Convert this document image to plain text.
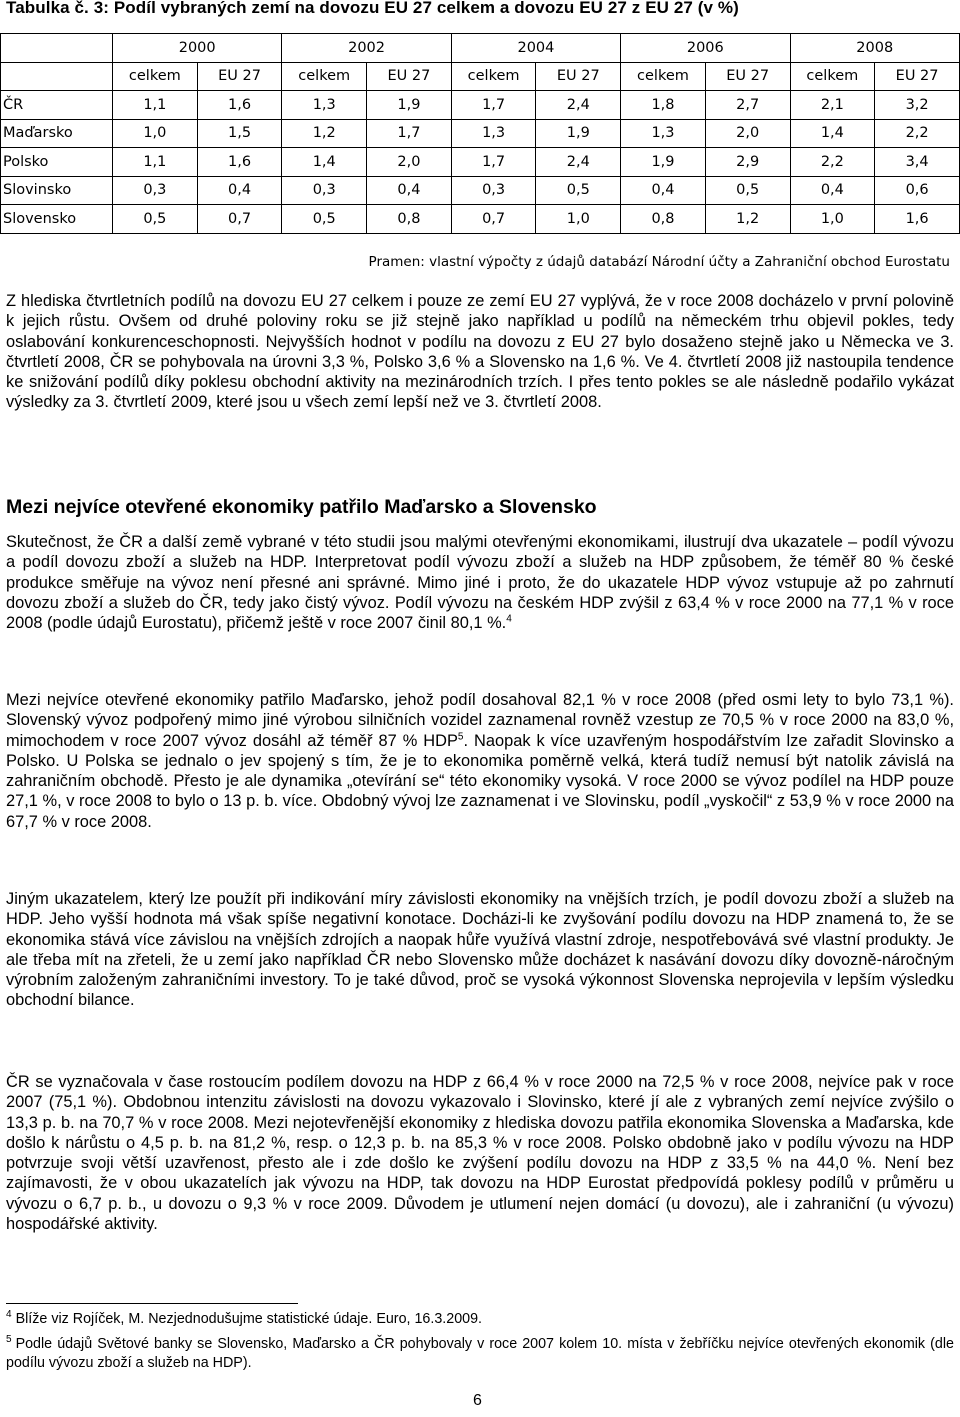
Tabulka č. 3: Podíl vybraných zemí na dovozu EU 27 celkem a dovozu EU 27 z EU 27 (v %)
	2000		2002		2004		2006		2008	
	celkem	EU 27	celkem	EU 27	celkem	EU 27	celkem	EU 27	celkem	EU 27
ČR	1,1	1,6	1,3	1,9	1,7	2,4	1,8	2,7	2,1	3,2
Maďarsko	1,0	1,5	1,2	1,7	1,3	1,9	1,3	2,0	1,4	2,2
Polsko	1,1	1,6	1,4	2,0	1,7	2,4	1,9	2,9	2,2	3,4
Slovinsko	0,3	0,4	0,3	0,4	0,3	0,5	0,4	0,5	0,4	0,6
Slovensko	0,5	0,7	0,5	0,8	0,7	1,0	0,8	1,2	1,0	1,6
Pramen: vlastní výpočty z údajů databází Národní účty a Zahraniční obchod Eurostatu

Z hlediska čtvrtletních podílů na dovozu EU 27 celkem i pouze ze zemí EU 27 vyplývá, že v roce 2008 docházelo v první polovině k jejich růstu. Ovšem od druhé poloviny roku se již stejně jako například u podílů na německém trhu objevil pokles, tedy oslabování konkurenceschopnosti. Nejvyšších hodnot v podílu na dovozu z EU 27 bylo dosaženo stejně jako u Německa ve 3. čtvrtletí 2008, ČR se pohybovala na úrovni 3,3 %, Polsko 3,6 % a Slovensko na 1,6 %. Ve 4. čtvrtletí 2008 již nastoupila tendence ke snižování podílů díky poklesu obchodní aktivity na mezinárodních trzích. I přes tento pokles se ale následně podařilo vykázat výsledky za 3. čtvrtletí 2009, které jsou u všech zemí lepší než ve 3. čtvrtletí 2008.

Mezi nejvíce otevřené ekonomiky patřilo Maďarsko a Slovensko

Skutečnost, že ČR a další země vybrané v této studii jsou malými otevřenými ekonomikami, ilustrují dva ukazatele – podíl vývozu a podíl dovozu zboží a služeb na HDP. Interpretovat podíl vývozu zboží a služeb na HDP způsobem, že téměř 80 % české produkce směřuje na vývoz není přesné ani správné. Mimo jiné i proto, že do ukazatele HDP vývoz vstupuje až po zahrnutí dovozu zboží a služeb do ČR, tedy jako čistý vývoz. Podíl vývozu na českém HDP zvýšil z 63,4 % v roce 2000 na 77,1 % v roce 2008 (podle údajů Eurostatu), přičemž ještě v roce 2007 činil 80,1 %.$^4$

Mezi nejvíce otevřené ekonomiky patřilo Maďarsko, jehož podíl dosahoval 82,1 % v roce 2008 (před osmi lety to bylo 73,1 %). Slovenský vývoz podpořený mimo jiné výrobou silničních vozidel zaznamenal rovněž vzestup ze 70,5 % v roce 2000 na 83,0 %, mimochodem v roce 2007 vývoz dosáhl až téměř 87 % HDP$^5$. Naopak k více uzavřeným hospodářstvím lze zařadit Slovinsko a Polsko. U Polska se jednalo o jev spojený s tím, že je to ekonomika poměrně velká, která tudíž nemusí být natolik závislá na zahraničním obchodě. Přesto je ale dynamika „otevírání se“ této ekonomiky vysoká. V roce 2000 se vývoz podílel na HDP pouze 27,1 %, v roce 2008 to bylo o 13 p. b. více. Obdobný vývoj lze zaznamenat i ve Slovinsku, podíl „vyskočil“ z 53,9 % v roce 2000 na 67,7 % v roce 2008.

Jiným ukazatelem, který lze použít při indikování míry závislosti ekonomiky na vnějších trzích, je podíl dovozu zboží a služeb na HDP. Jeho vyšší hodnota má však spíše negativní konotace. Docházi-li ke zvyšování podílu dovozu na HDP znamená to, že se ekonomika stává více závislou na vnějších zdrojích a naopak hůře využívá vlastní zdroje, nespotřebovává své vlastní produkty. Je ale třeba mít na zřeteli, že u zemí jako například ČR nebo Slovensko může docházet k nasávání dovozu díky dovozně-náročným výrobním založeným zahraničními investory. To je také důvod, proč se vysoká výkonnost Slovenska neprojevila v lepším výsledku obchodní bilance.

ČR se vyznačovala v čase rostoucím podílem dovozu na HDP z 66,4 % v roce 2000 na 72,5 % v roce 2008, nejvíce pak v roce 2007 (75,1 %). Obdobnou intenzitu závislosti na dovozu vykazovalo i Slovinsko, které jí ale z vybraných zemí nejvíce zvýšilo o 13,3 p. b. na 70,7 % v roce 2008. Mezi nejotevřenější ekonomiky z hlediska dovozu patřila ekonomika Slovenska a Maďarska, kde došlo k nárůstu o 4,5 p. b. na 81,2 %, resp. o 12,3 p. b. na 85,3 % v roce 2008. Polsko obdobně jako v podílu vývozu na HDP potvrzuje svoji větší uzavřenost, přesto ale i zde došlo ke zvýšení podílu dovozu na HDP z 33,5 % na 44,0 %. Není bez zajímavosti, že v obou ukazatelích jak vývozu na HDP, tak dovozu na HDP Eurostat předpovídá poklesy podílů v průměru u vývozu o 6,7 p. b., u dovozu o 9,3 % v roce 2009. Důvodem je utlumení nejen domácí (u dovozu), ale i zahraniční (u vývozu) hospodářské aktivity.

$^4$ Blíže viz Rojíček, M. Nezjednodušujme statistické údaje. Euro, 16.3.2009.

$^5$ Podle údajů Světové banky se Slovensko, Maďarsko a ČR pohybovaly v roce 2007 kolem 10. místa v žebříčku nejvíce otevřených ekonomik (dle podílu vývozu zboží a služeb na HDP).

6
